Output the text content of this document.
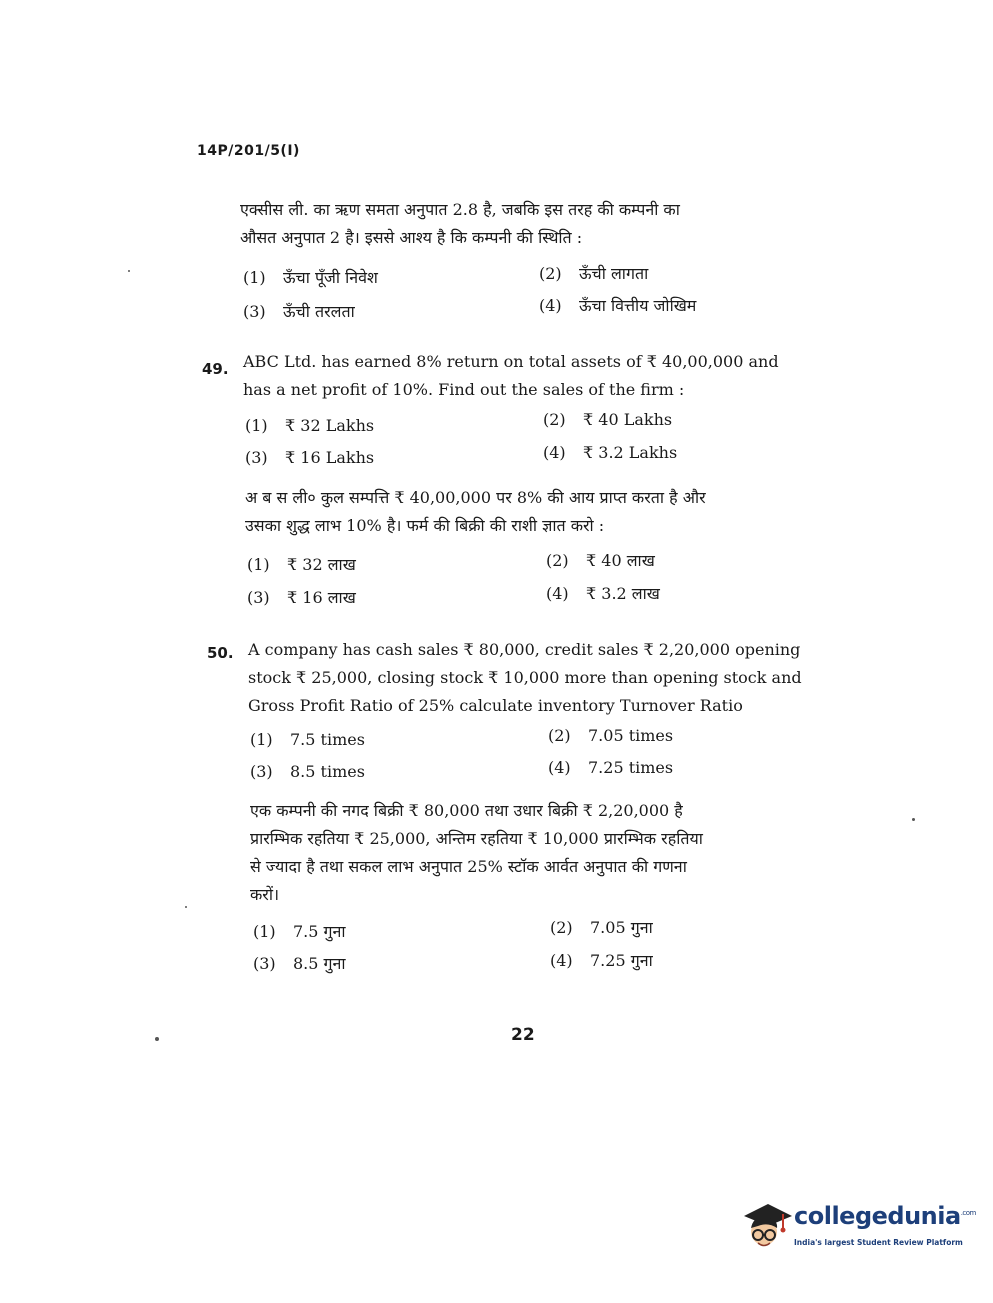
14P/201/5(I)
एक्सीस ली. का ऋण समता अनुपात 2.8 है, जबकि इस तरह की कम्पनी का
औसत अनुपात 2 है। इससे आश्य है कि कम्पनी की स्थिति :
(1) ऊँचा पूँजी निवेश	(2) ऊँची लागता
(3) ऊँची तरलता	(4) ऊँचा वित्तीय जोखिम
49. ABC Ltd. has earned 8% return on total assets of ₹ 40,00,000 and
has a net profit of 10%. Find out the sales of the firm :
(1) ₹ 32 Lakhs	(2) ₹ 40 Lakhs
(3) ₹ 16 Lakhs	(4) ₹ 3.2 Lakhs
अ ब स ली० कुल सम्पत्ति ₹ 40,00,000 पर 8% की आय प्राप्त करता है और
उसका शुद्ध लाभ 10% है। फर्म की बिक्री की राशी ज्ञात करो :
(1) ₹ 32 लाख	(2) ₹ 40 लाख
(3) ₹ 16 लाख	(4) ₹ 3.2 लाख
50. A company has cash sales ₹ 80,000, credit sales ₹ 2,20,000 opening
stock ₹ 25,000, closing stock ₹ 10,000 more than opening stock and
Gross Profit Ratio of 25% calculate inventory Turnover Ratio
(1) 7.5 times	(2) 7.05 times
(3) 8.5 times	(4) 7.25 times
एक कम्पनी की नगद बिक्री ₹ 80,000 तथा उधार बिक्री ₹ 2,20,000 है
प्रारम्भिक रहतिया ₹ 25,000, अन्तिम रहतिया ₹ 10,000 प्रारम्भिक रहतिया
से ज्यादा है तथा सकल लाभ अनुपात 25% स्टॉक आर्वत अनुपात की गणना
करों।
(1) 7.5 गुना	(2) 7.05 गुना
(3) 8.5 गुना	(4) 7.25 गुना
22
collegedunia$^{.com}$
India's largest Student Review Platform
